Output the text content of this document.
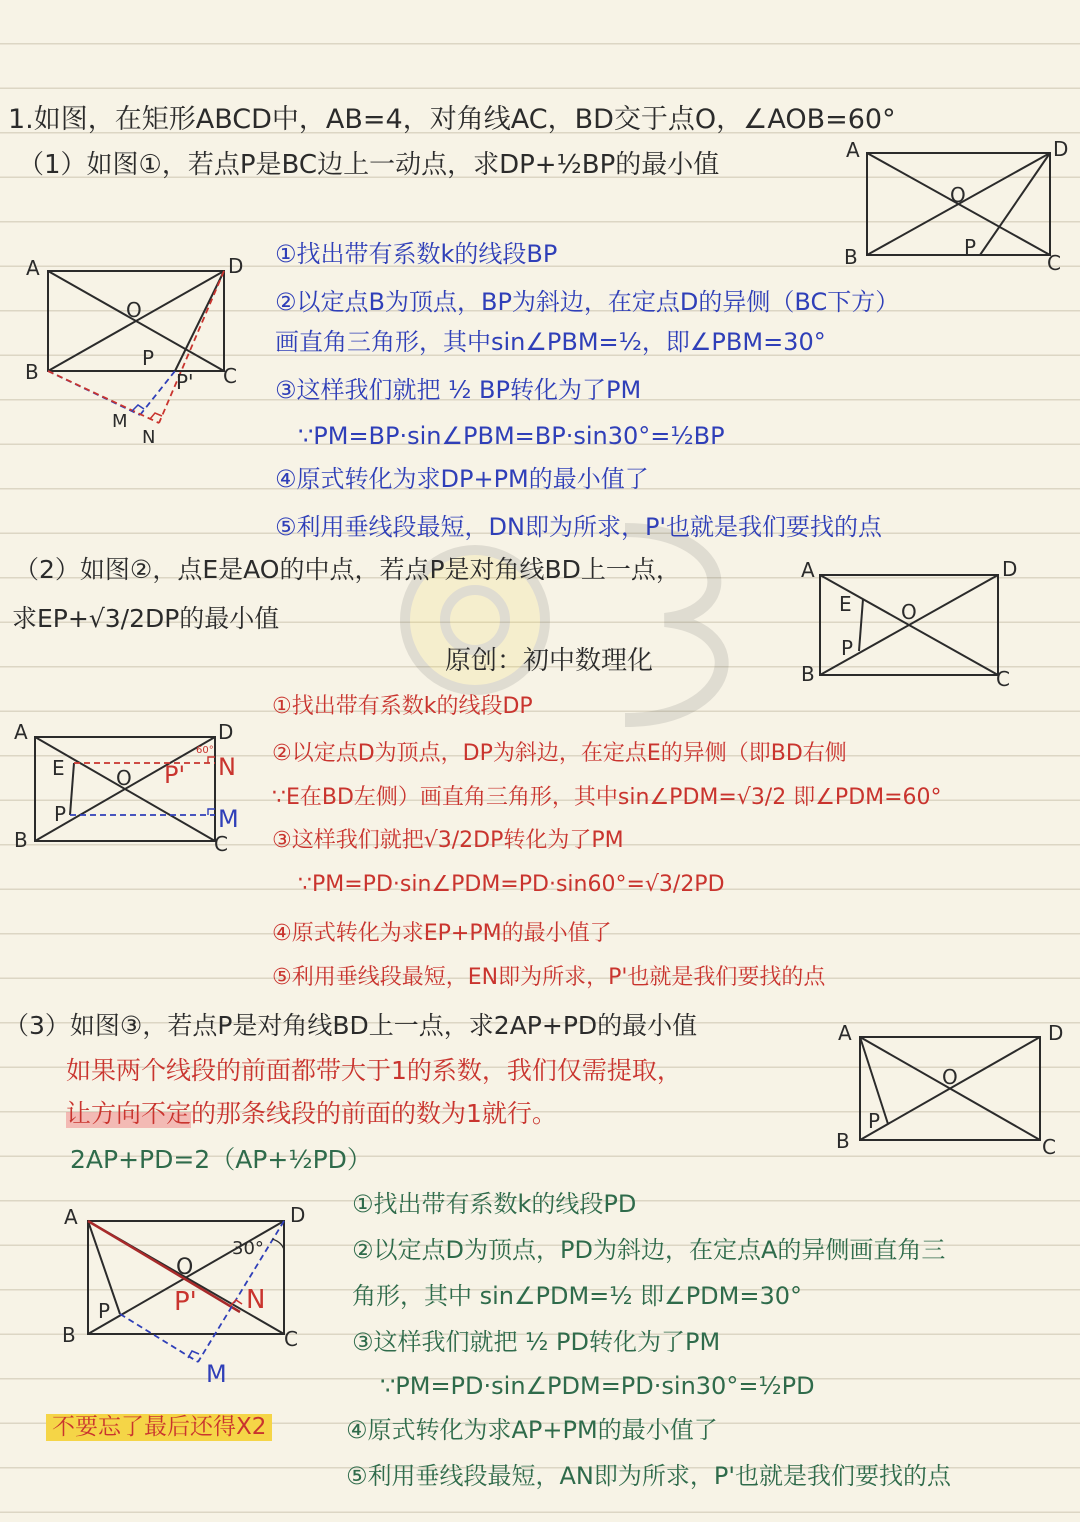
1.如图，在矩形ABCD中，AB=4，对角线AC，BD交于点O，∠AOB=60°
（1）如图①，若点P是BC边上一动点，求DP+½BP的最小值	A	D
B	C
O
P
A	D
B	C
O
P
P'
M
N
①找出带有系数k的线段BP
②以定点B为顶点，BP为斜边，在定点D的异侧（BC下方）
画直角三角形，其中sin∠PBM=½，即∠PBM=30°
③这样我们就把 ½ BP转化为了PM
∵PM=BP·sin∠PBM=BP·sin30°=½BP
④原式转化为求DP+PM的最小值了
⑤利用垂线段最短，DN即为所求，P'也就是我们要找的点
（2）如图②，点E是AO的中点，若点P是对角线BD上一点，
求EP+√3/2DP的最小值
原创：初中数理化
A	D
B	C
O
E
P
A	D
B	C
O
E
P
P'
60°
N
M
①找出带有系数k的线段DP
②以定点D为顶点，DP为斜边，在定点E的异侧（即BD右侧
∵E在BD左侧）画直角三角形，其中sin∠PDM=√3/2 即∠PDM=60°
③这样我们就把√3/2DP转化为了PM
∵PM=PD·sin∠PDM=PD·sin60°=√3/2PD
④原式转化为求EP+PM的最小值了
⑤利用垂线段最短，EN即为所求，P'也就是我们要找的点
（3）如图③，若点P是对角线BD上一点，求2AP+PD的最小值
如果两个线段的前面都带大于1的系数，我们仅需提取，
让方向不定的那条线段的前面的数为1就行。
2AP+PD=2（AP+½PD）
A	D
B	C
O
P
A	D
B	C
O
P P' N
30°
M
①找出带有系数k的线段PD
②以定点D为顶点，PD为斜边，在定点A的异侧画直角三
角形，其中 sin∠PDM=½ 即∠PDM=30°
③这样我们就把 ½ PD转化为了PM
∵PM=PD·sin∠PDM=PD·sin30°=½PD
④原式转化为求AP+PM的最小值了
⑤利用垂线段最短，AN即为所求，P'也就是我们要找的点
不要忘了最后还得X2
